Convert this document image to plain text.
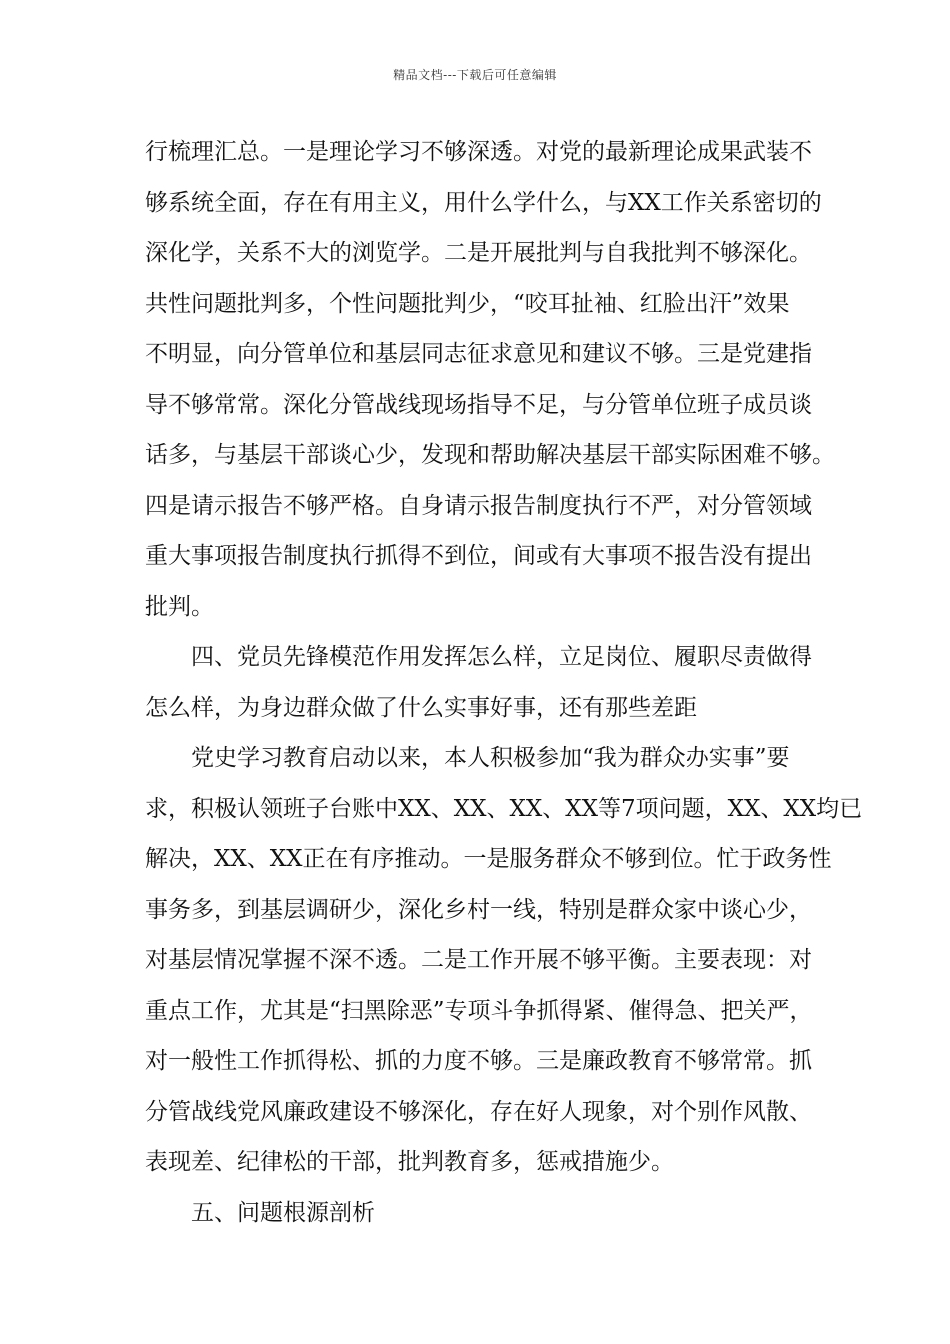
精品文档---下载后可任意编辑
行梳理汇总。一是理论学习不够深透。对党的最新理论成果武装不
够系统全面，存在有用主义，用什么学什么，与XX工作关系密切的
深化学，关系不大的浏览学。二是开展批判与自我批判不够深化。
共性问题批判多，个性问题批判少，“咬耳扯袖、红脸出汗”效果
不明显，向分管单位和基层同志征求意见和建议不够。三是党建指
导不够常常。深化分管战线现场指导不足，与分管单位班子成员谈
话多，与基层干部谈心少，发现和帮助解决基层干部实际困难不够。
四是请示报告不够严格。自身请示报告制度执行不严，对分管领域
重大事项报告制度执行抓得不到位，间或有大事项不报告没有提出
批判。
四、党员先锋模范作用发挥怎么样，立足岗位、履职尽责做得
怎么样，为身边群众做了什么实事好事，还有那些差距
党史学习教育启动以来，本人积极参加“我为群众办实事”要
求，积极认领班子台账中XX、XX、XX、XX等7项问题，XX、XX均已
解决，XX、XX正在有序推动。一是服务群众不够到位。忙于政务性
事务多，到基层调研少，深化乡村一线，特别是群众家中谈心少，
对基层情况掌握不深不透。二是工作开展不够平衡。主要表现：对
重点工作，尤其是“扫黑除恶”专项斗争抓得紧、催得急、把关严，
对一般性工作抓得松、抓的力度不够。三是廉政教育不够常常。抓
分管战线党风廉政建设不够深化，存在好人现象，对个别作风散、
表现差、纪律松的干部，批判教育多，惩戒措施少。
五、问题根源剖析
